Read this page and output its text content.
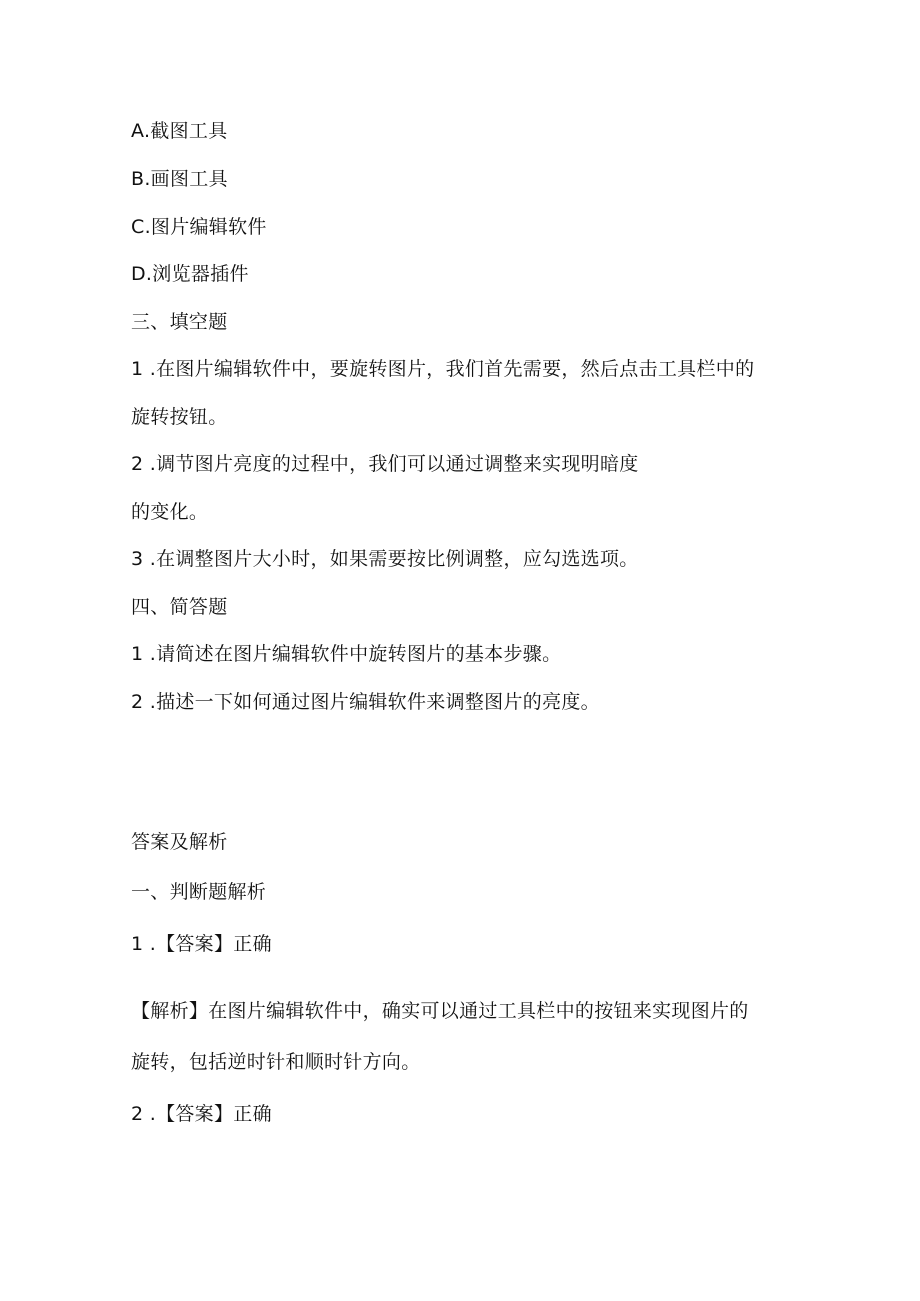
A.截图工具
B.画图工具
C.图片编辑软件
D.浏览器插件
三、填空题
1 .在图片编辑软件中，要旋转图片，我们首先需要，然后点击工具栏中的
旋转按钮。
2 .调节图片亮度的过程中，我们可以通过调整来实现明暗度
的变化。
3 .在调整图片大小时，如果需要按比例调整，应勾选选项。
四、简答题
1 .请简述在图片编辑软件中旋转图片的基本步骤。
2 .描述一下如何通过图片编辑软件来调整图片的亮度。
答案及解析
一、判断题解析
1 .【答案】正确
【解析】在图片编辑软件中，确实可以通过工具栏中的按钮来实现图片的
旋转，包括逆时针和顺时针方向。
2 .【答案】正确
